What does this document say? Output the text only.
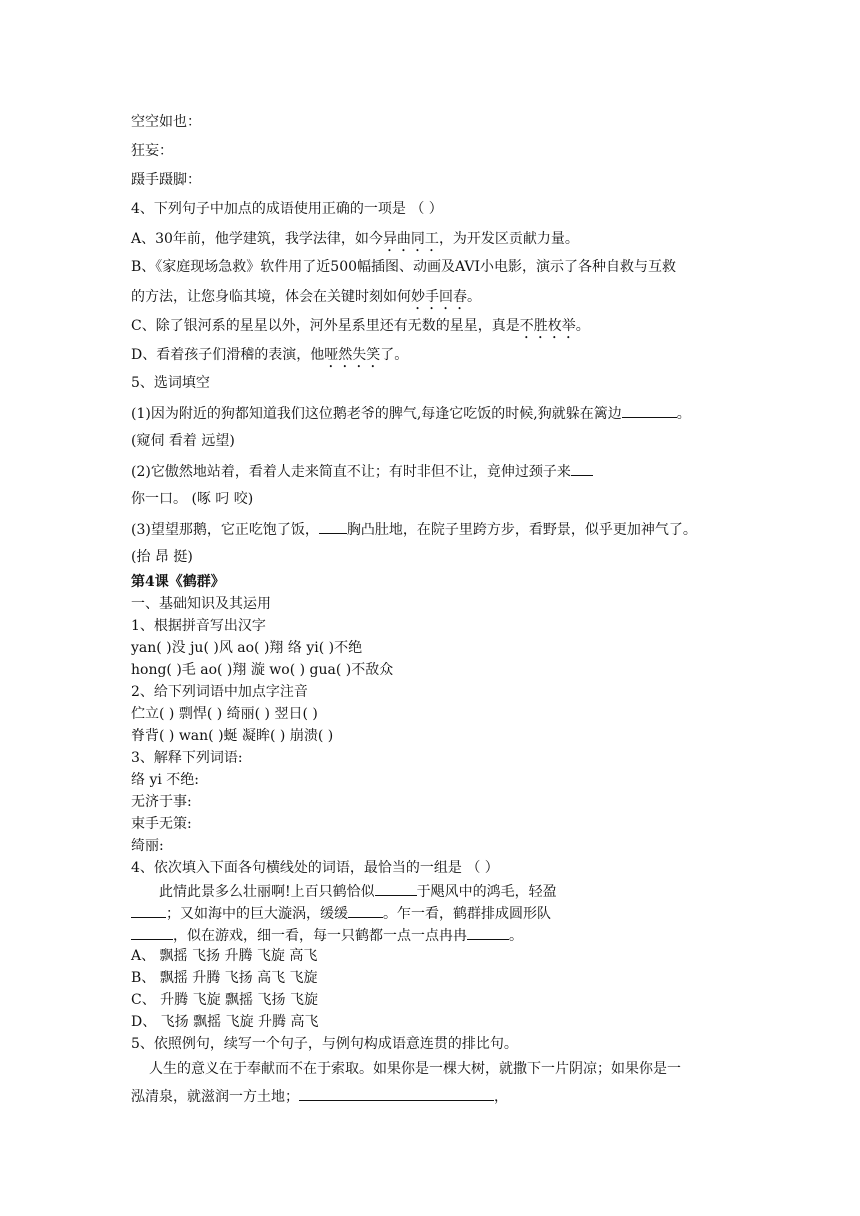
空空如也：
狂妄：
蹑手蹑脚：
4、下列句子中加点的成语使用正确的一项是 （ ）
A、30年前，他学建筑，我学法律，如今异曲同工，为开发区贡献力量。
B、《家庭现场急救》软件用了近500幅插图、动画及AVI小电影，演示了各种自救与互救
的方法，让您身临其境，体会在关键时刻如何妙手回春。
C、除了银河系的星星以外，河外星系里还有无数的星星，真是不胜枚举。
D、看着孩子们滑稽的表演，他哑然失笑了。
5、选词填空
(1)因为附近的狗都知道我们这位鹅老爷的脾气,每逢它吃饭的时候,狗就躲在篱边	。
(窥伺 看着 远望)
(2)它傲然地站着，看着人走来简直不让；有时非但不让，竟伸过颈子来
你一口。 (啄 叼 咬)
(3)望望那鹅，它正吃饱了饭， 胸凸肚地，在院子里跨方步，看野景，似乎更加神气了。
(抬 昂 挺)
第4课《鹤群》
一、基础知识及其运用
1、根据拼音写出汉字
yan( )没 ju( )风 ao( )翔 络 yi( )不绝
hong( )毛 ao( )翔 漩 wo( ) gua( )不敌众
2、给下列词语中加点字注音
伫立( ) 剽悍( ) 绮丽( ) 翌日( )
脊背( ) wan( )蜒 凝眸( ) 崩溃( )
3、解释下列词语:
络 yi 不绝:
无济于事:
束手无策:
绮丽:
4、依次填入下面各句横线处的词语，最恰当的一组是 （ ）
此情此景多么壮丽啊!上百只鹤恰似	于飓风中的鸿毛，轻盈
；又如海中的巨大漩涡，缓缓	。乍一看，鹤群排成圆形队
，似在游戏，细一看，每一只鹤都一点一点冉冉	。
A、 飘摇 飞扬 升腾 飞旋 高飞
B、 飘摇 升腾 飞扬 高飞 飞旋
C、 升腾 飞旋 飘摇 飞扬 飞旋
D、 飞扬 飘摇 飞旋 升腾 高飞
5、依照例句，续写一个句子，与例句构成语意连贯的排比句。
人生的意义在于奉献而不在于索取。如果你是一棵大树，就撒下一片阴凉；如果你是一
泓清泉，就滋润一方土地；	，
